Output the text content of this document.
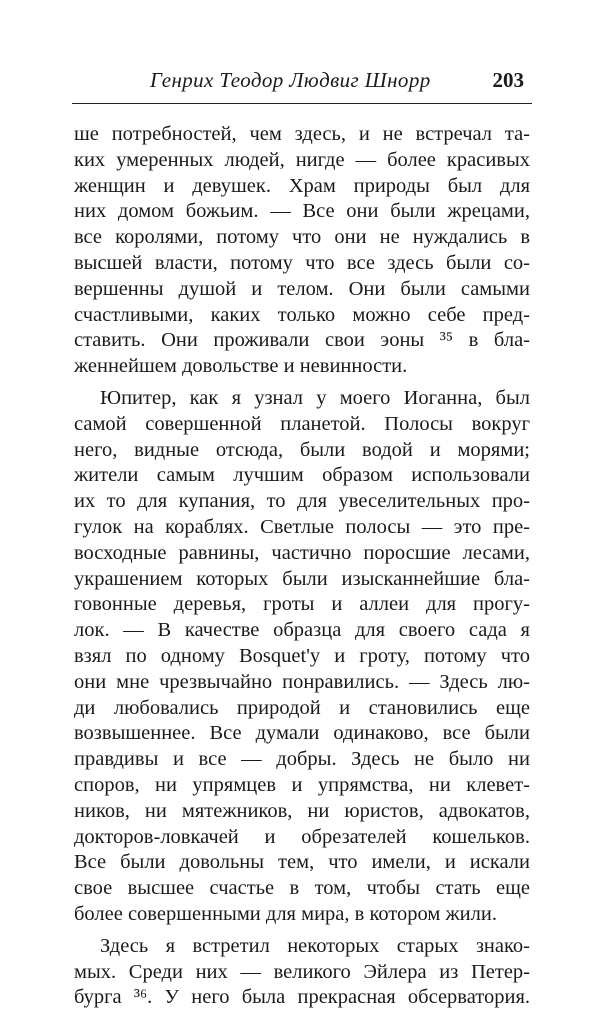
Генрих Теодор Людвиг Шнорр	203
ше потребностей, чем здесь, и не встречал та-
ких умеренных людей, нигде — более красивых
женщин и девушек. Храм природы был для
них домом божьим. — Все они были жрецами,
все королями, потому что они не нуждались в
высшей власти, потому что все здесь были со-
вершенны душой и телом. Они были самыми
счастливыми, каких только можно себе пред-
ставить. Они проживали свои эоны ³⁵ в бла-
женнейшем довольстве и невинности.
Юпитер, как я узнал у моего Иоганна, был
самой совершенной планетой. Полосы вокруг
него, видные отсюда, были водой и морями;
жители самым лучшим образом использовали
их то для купания, то для увеселительных про-
гулок на кораблях. Светлые полосы — это пре-
восходные равнины, частично поросшие лесами,
украшением которых были изысканнейшие бла-
говонные деревья, гроты и аллеи для прогу-
лок. — В качестве образца для своего сада я
взял по одному Bosquet'y и гроту, потому что
они мне чрезвычайно понравились. — Здесь лю-
ди любовались природой и становились еще
возвышеннее. Все думали одинаково, все были
правдивы и все — добры. Здесь не было ни
споров, ни упрямцев и упрямства, ни клевет-
ников, ни мятежников, ни юристов, адвокатов,
докторов-ловкачей и обрезателей кошельков.
Все были довольны тем, что имели, и искали
свое высшее счастье в том, чтобы стать еще
более совершенными для мира, в котором жили.
Здесь я встретил некоторых старых знако-
мых. Среди них — великого Эйлера из Петер-
бурга ³⁶. У него была прекрасная обсерватория.
